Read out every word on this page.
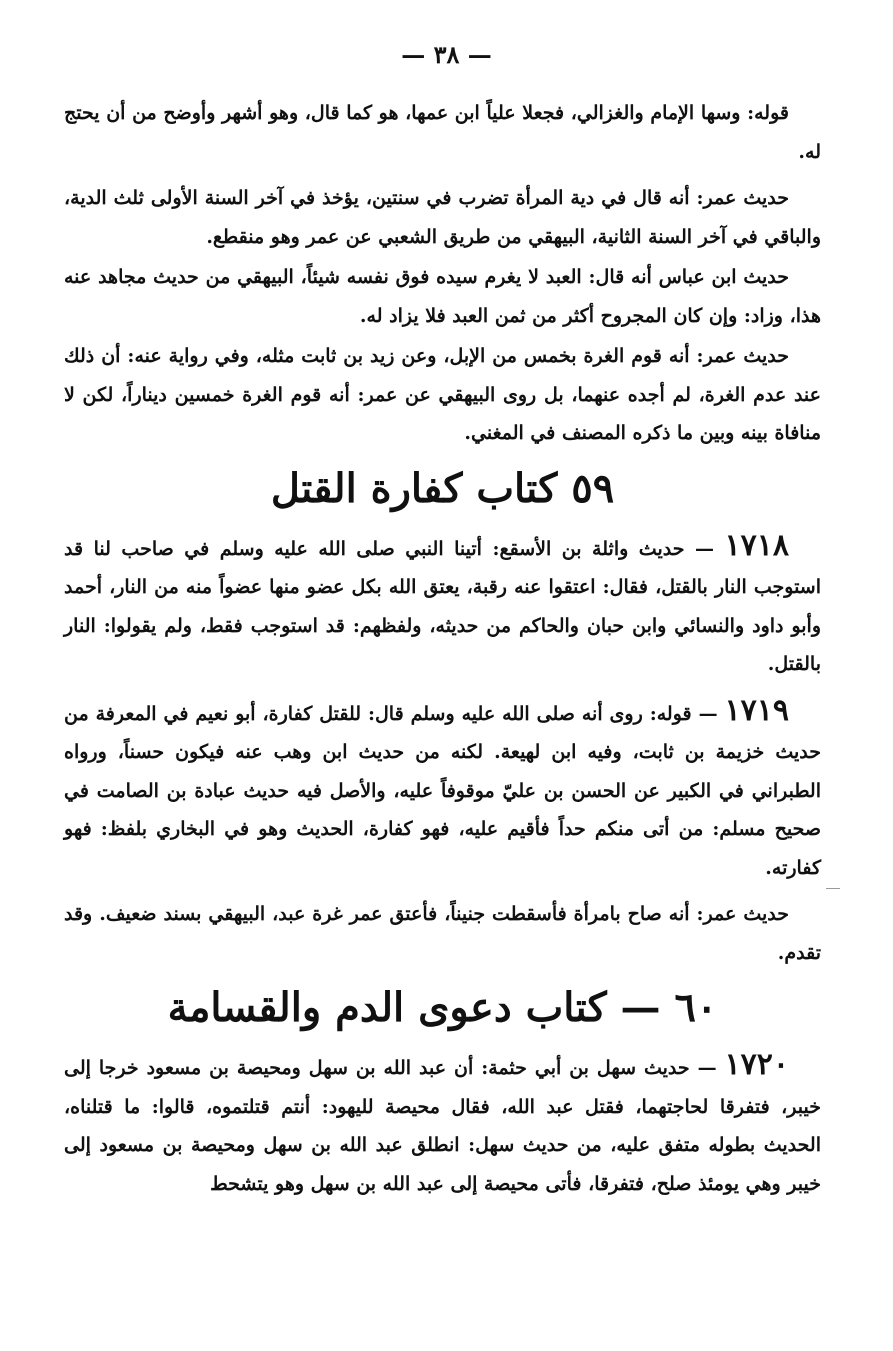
— ٣٨ —

قوله: وسها الإمام والغزالي، فجعلا علياً ابن عمها، هو كما قال، وهو أشهر وأوضح من أن يحتج له.

حديث عمر: أنه قال في دية المرأة تضرب في سنتين، يؤخذ في آخر السنة الأولى ثلث الدية، والباقي في آخر السنة الثانية، البيهقي من طريق الشعبي عن عمر وهو منقطع.

حديث ابن عباس أنه قال: العبد لا يغرم سيده فوق نفسه شيئاً، البيهقي من حديث مجاهد عنه هذا، وزاد: وإن كان المجروح أكثر من ثمن العبد فلا يزاد له.

حديث عمر: أنه قوم الغرة بخمس من الإبل، وعن زيد بن ثابت مثله، وفي رواية عنه: أن ذلك عند عدم الغرة، لم أجده عنهما، بل روى البيهقي عن عمر: أنه قوم الغرة خمسين ديناراً، لكن لا منافاة بينه وبين ما ذكره المصنف في المغني.

٥٩ كتاب كفارة القتل

١٧١٨ — حديث واثلة بن الأسقع: أتينا النبي صلى الله عليه وسلم في صاحب لنا قد استوجب النار بالقتل، فقال: اعتقوا عنه رقبة، يعتق الله بكل عضو منها عضواً منه من النار، أحمد وأبو داود والنسائي وابن حبان والحاكم من حديثه، ولفظهم: قد استوجب فقط، ولم يقولوا: النار بالقتل.

١٧١٩ — قوله: روى أنه صلى الله عليه وسلم قال: للقتل كفارة، أبو نعيم في المعرفة من حديث خزيمة بن ثابت، وفيه ابن لهيعة. لكنه من حديث ابن وهب عنه فيكون حسناً، ورواه الطبراني في الكبير عن الحسن بن عليّ موقوفاً عليه، والأصل فيه حديث عبادة بن الصامت في صحيح مسلم: من أتى منكم حداً فأقيم عليه، فهو كفارة، الحديث وهو في البخاري بلفظ: فهو كفارته.

حديث عمر: أنه صاح بامرأة فأسقطت جنيناً، فأعتق عمر غرة عبد، البيهقي بسند ضعيف. وقد تقدم.

٦٠ — كتاب دعوى الدم والقسامة

١٧٢٠ — حديث سهل بن أبي حثمة: أن عبد الله بن سهل ومحيصة بن مسعود خرجا إلى خيبر، فتفرقا لحاجتهما، فقتل عبد الله، فقال محيصة لليهود: أنتم قتلتموه، قالوا: ما قتلناه، الحديث بطوله متفق عليه، من حديث سهل: انطلق عبد الله بن سهل ومحيصة بن مسعود إلى خيبر وهي يومئذ صلح، فتفرقا، فأتى محيصة إلى عبد الله بن سهل وهو يتشحط
